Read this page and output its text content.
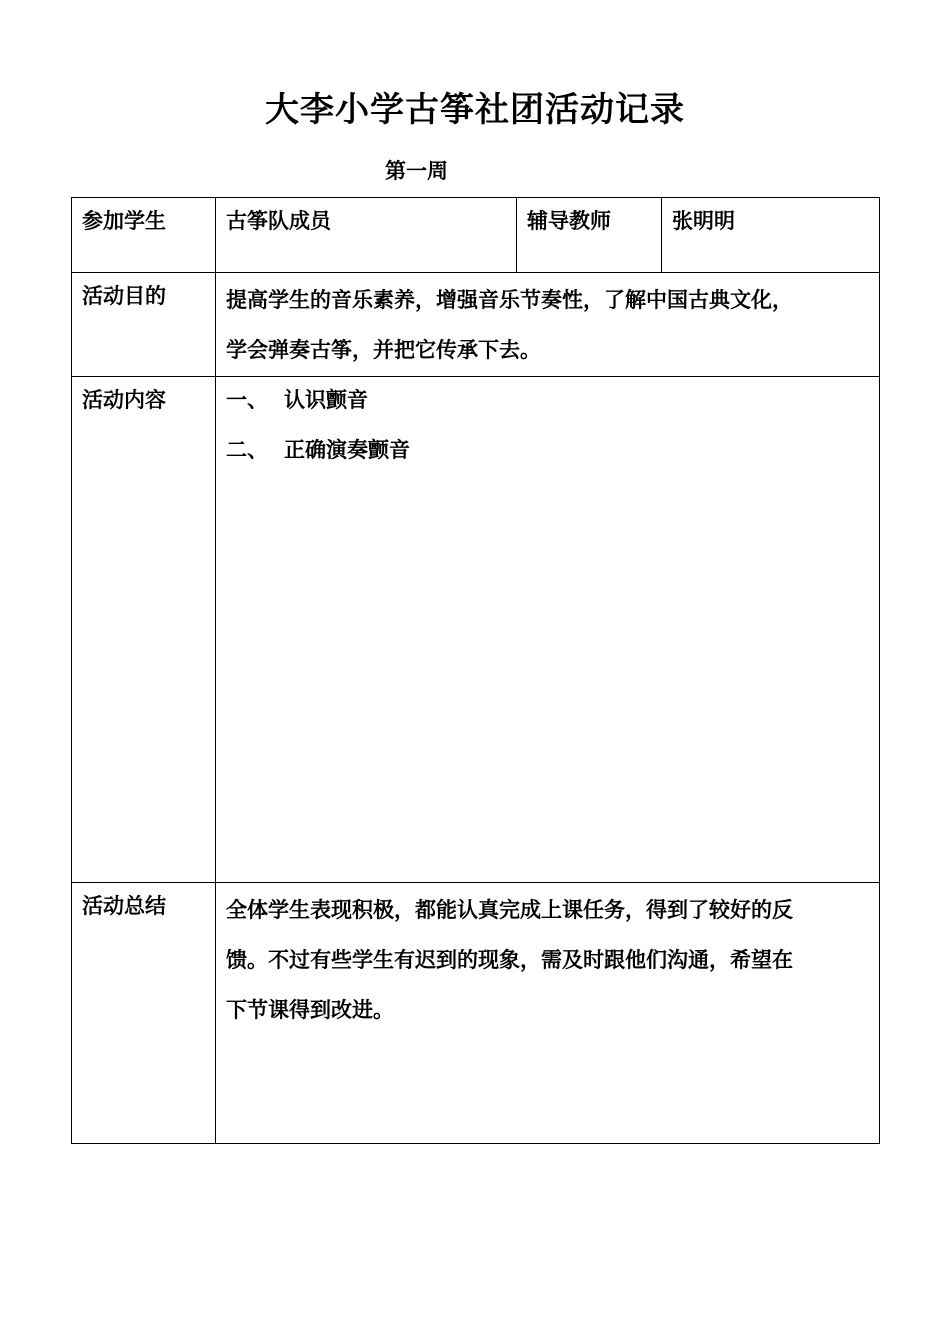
大李小学古筝社团活动记录
第一周
参加学生	古筝队成员	辅导教师	张明明
活动目的	提高学生的音乐素养，增强音乐节奏性，了解中国古典文化，
学会弹奏古筝，并把它传承下去。		

活动内容	一、 认识颤音
二、 正确演奏颤音		

活动总结	全体学生表现积极，都能认真完成上课任务，得到了较好的反
馈。不过有些学生有迟到的现象，需及时跟他们沟通，希望在
下节课得到改进。		
